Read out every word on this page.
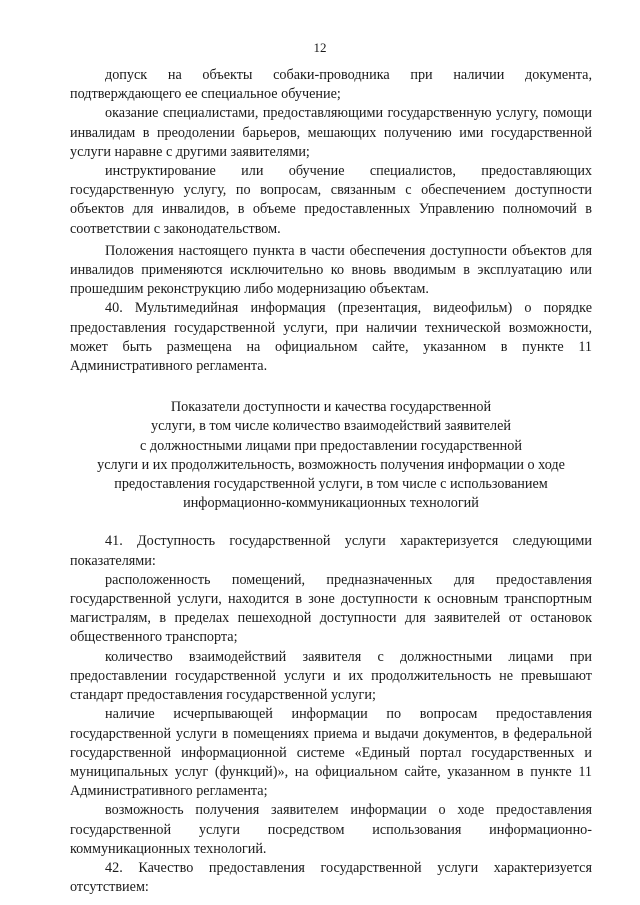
12

допуск на объекты собаки-проводника при наличии документа, подтверждающего ее специальное обучение;

оказание специалистами, предоставляющими государственную услугу, помощи инвалидам в преодолении барьеров, мешающих получению ими государственной услуги наравне с другими заявителями;

инструктирование или обучение специалистов, предоставляющих государственную услугу, по вопросам, связанным с обеспечением доступности объектов для инвалидов, в объеме предоставленных Управлению полномочий в соответствии с законодательством.

Положения настоящего пункта в части обеспечения доступности объектов для инвалидов применяются исключительно ко вновь вводимым в эксплуатацию или прошедшим реконструкцию либо модернизацию объектам.

40. Мультимедийная информация (презентация, видеофильм) о порядке предоставления государственной услуги, при наличии технической возможности, может быть размещена на официальном сайте, указанном в пункте 11 Административного регламента.

Показатели доступности и качества государственной
услуги, в том числе количество взаимодействий заявителей
с должностными лицами при предоставлении государственной
услуги и их продолжительность, возможность получения информации о ходе
предоставления государственной услуги, в том числе с использованием
информационно-коммуникационных технологий

41. Доступность государственной услуги характеризуется следующими показателями:

расположенность помещений, предназначенных для предоставления государственной услуги, находится в зоне доступности к основным транспортным магистралям, в пределах пешеходной доступности для заявителей от остановок общественного транспорта;

количество взаимодействий заявителя с должностными лицами при предоставлении государственной услуги и их продолжительность не превышают стандарт предоставления государственной услуги;

наличие исчерпывающей информации по вопросам предоставления государственной услуги в помещениях приема и выдачи документов, в федеральной государственной информационной системе «Единый портал государственных и муниципальных услуг (функций)», на официальном сайте, указанном в пункте 11 Административного регламента;

возможность получения заявителем информации о ходе предоставления государственной услуги посредством использования информационно-коммуникационных технологий.

42. Качество предоставления государственной услуги характеризуется отсутствием:
